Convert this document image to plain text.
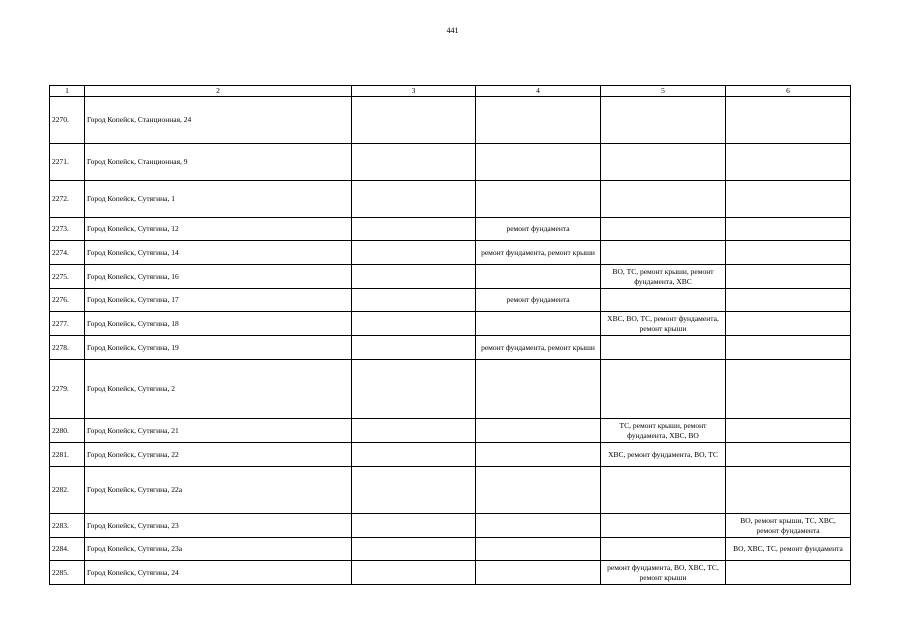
441
1	2	3	4	5	6
2270.	Город Копейск, Станционная, 24				
2271.	Город Копейск, Станционная, 9				
2272.	Город Копейск, Сутягина, 1				
2273.	Город Копейск, Сутягина, 12		ремонт фундамента		
2274.	Город Копейск, Сутягина, 14		ремонт фундамента, ремонт крыши		
2275.	Город Копейск, Сутягина, 16			ВО, ТС, ремонт крыши, ремонт фундамента, ХВС	
2276.	Город Копейск, Сутягина, 17		ремонт фундамента		
2277.	Город Копейск, Сутягина, 18			ХВС, ВО, ТС, ремонт фундамента, ремонт крыши	
2278.	Город Копейск, Сутягина, 19		ремонт фундамента, ремонт крыши		
2279.	Город Копейск, Сутягина, 2				
2280.	Город Копейск, Сутягина, 21			ТС, ремонт крыши, ремонт фундамента, ХВС, ВО	
2281.	Город Копейск, Сутягина, 22			ХВС, ремонт фундамента, ВО, ТС	
2282.	Город Копейск, Сутягина, 22а				
2283.	Город Копейск, Сутягина, 23				ВО, ремонт крыши, ТС, ХВС, ремонт фундамента
2284.	Город Копейск, Сутягина, 23а				ВО, ХВС, ТС, ремонт фундамента
2285.	Город Копейск, Сутягина, 24			ремонт фундамента, ВО, ХВС, ТС, ремонт крыши	
